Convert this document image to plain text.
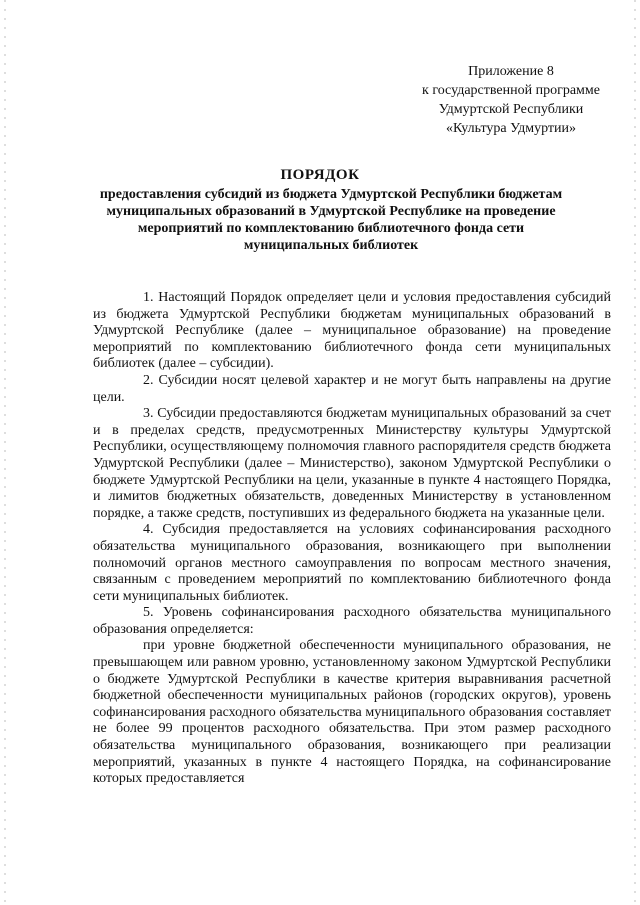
Приложение 8
к государственной программе
Удмуртской Республики
«Культура Удмуртии»
ПОРЯДОК
предоставления субсидий из бюджета Удмуртской Республики бюджетам
муниципальных образований в Удмуртской Республике на проведение
мероприятий по комплектованию библиотечного фонда сети
муниципальных библиотек

1. Настоящий Порядок определяет цели и условия предоставления субсидий из бюджета Удмуртской Республики бюджетам муниципальных образований в Удмуртской Республике (далее – муниципальное образование) на проведение мероприятий по комплектованию библиотечного фонда сети муниципальных библиотек (далее – субсидии).

2. Субсидии носят целевой характер и не могут быть направлены на другие цели.

3. Субсидии предоставляются бюджетам муниципальных образований за счет и в пределах средств, предусмотренных Министерству культуры Удмуртской Республики, осуществляющему полномочия главного распорядителя средств бюджета Удмуртской Республики (далее – Министерство), законом Удмуртской Республики о бюджете Удмуртской Республики на цели, указанные в пункте 4 настоящего Порядка, и лимитов бюджетных обязательств, доведенных Министерству в установленном порядке, а также средств, поступивших из федерального бюджета на указанные цели.

4. Субсидия предоставляется на условиях софинансирования расходного обязательства муниципального образования, возникающего при выполнении полномочий органов местного самоуправления по вопросам местного значения, связанным с проведением мероприятий по комплектованию библиотечного фонда сети муниципальных библиотек.

5. Уровень софинансирования расходного обязательства муниципального образования определяется:

при уровне бюджетной обеспеченности муниципального образования, не превышающем или равном уровню, установленному законом Удмуртской Республики о бюджете Удмуртской Республики в качестве критерия выравнивания расчетной бюджетной обеспеченности муниципальных районов (городских округов), уровень софинансирования расходного обязательства муниципального образования составляет не более 99 процентов расходного обязательства. При этом размер расходного обязательства муниципального образования, возникающего при реализации мероприятий, указанных в пункте 4 настоящего Порядка, на софинансирование которых предоставляется
